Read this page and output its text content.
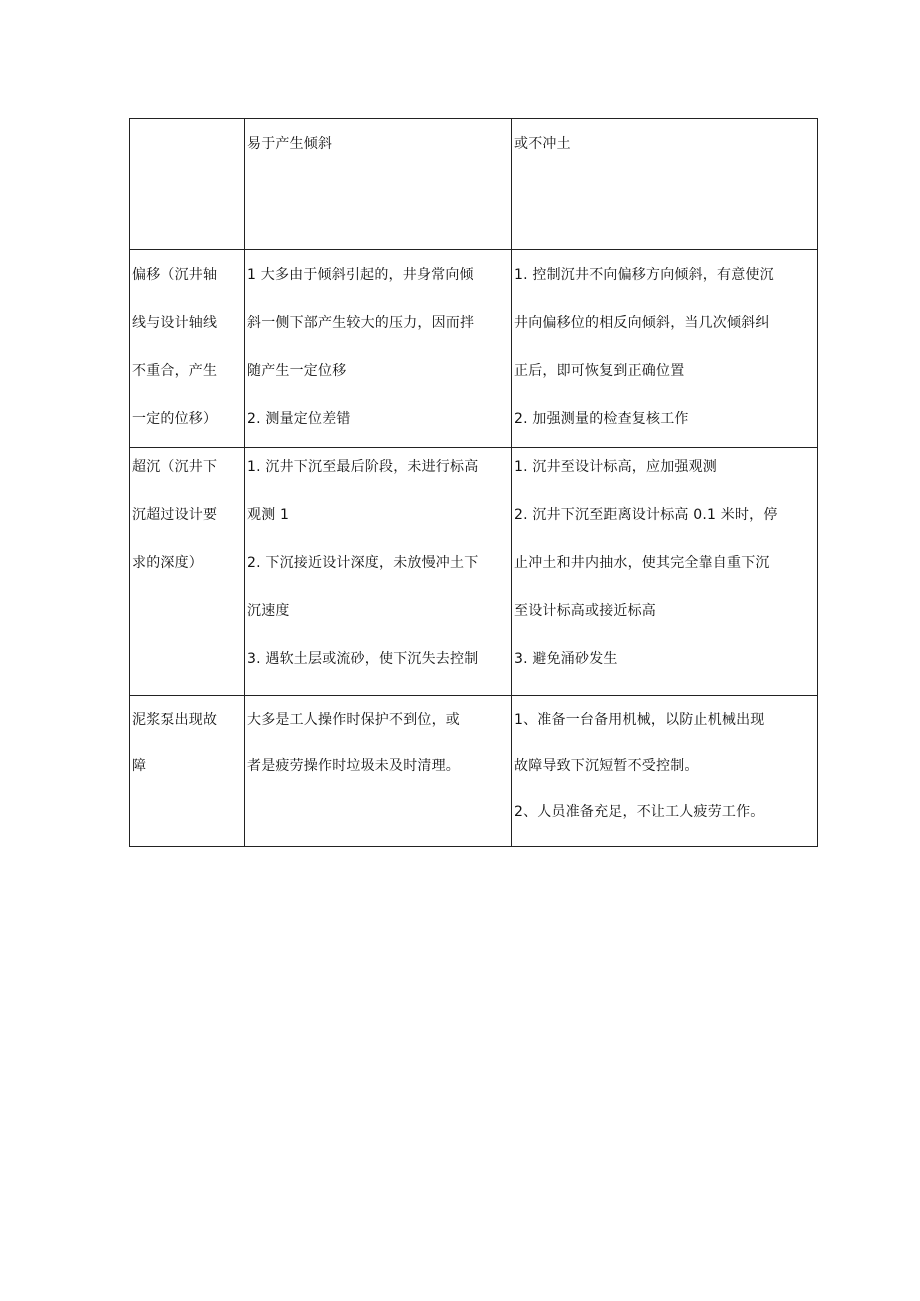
	易于产生倾斜	或不冲土

偏移（沉井轴
线与设计轴线
不重合，产生
一定的位移）	1 大多由于倾斜引起的，井身常向倾
斜一侧下部产生较大的压力，因而拌
随产生一定位移
2. 测量定位差错	1. 控制沉井不向偏移方向倾斜，有意使沉
井向偏移位的相反向倾斜，当几次倾斜纠
正后，即可恢复到正确位置
2. 加强测量的检查复核工作

超沉（沉井下
沉超过设计要
求的深度）	1. 沉井下沉至最后阶段，未进行标高
观测 1
2. 下沉接近设计深度，未放慢冲土下
沉速度
3. 遇软土层或流砂，使下沉失去控制	1. 沉井至设计标高，应加强观测
2. 沉井下沉至距离设计标高 0.1 米时，停
止冲土和井内抽水，使其完全靠自重下沉
至设计标高或接近标高
3. 避免涌砂发生

泥浆泵出现故
障	大多是工人操作时保护不到位，或
者是疲劳操作时垃圾未及时清理。	1、准备一台备用机械，以防止机械出现
故障导致下沉短暂不受控制。
2、人员准备充足，不让工人疲劳工作。
